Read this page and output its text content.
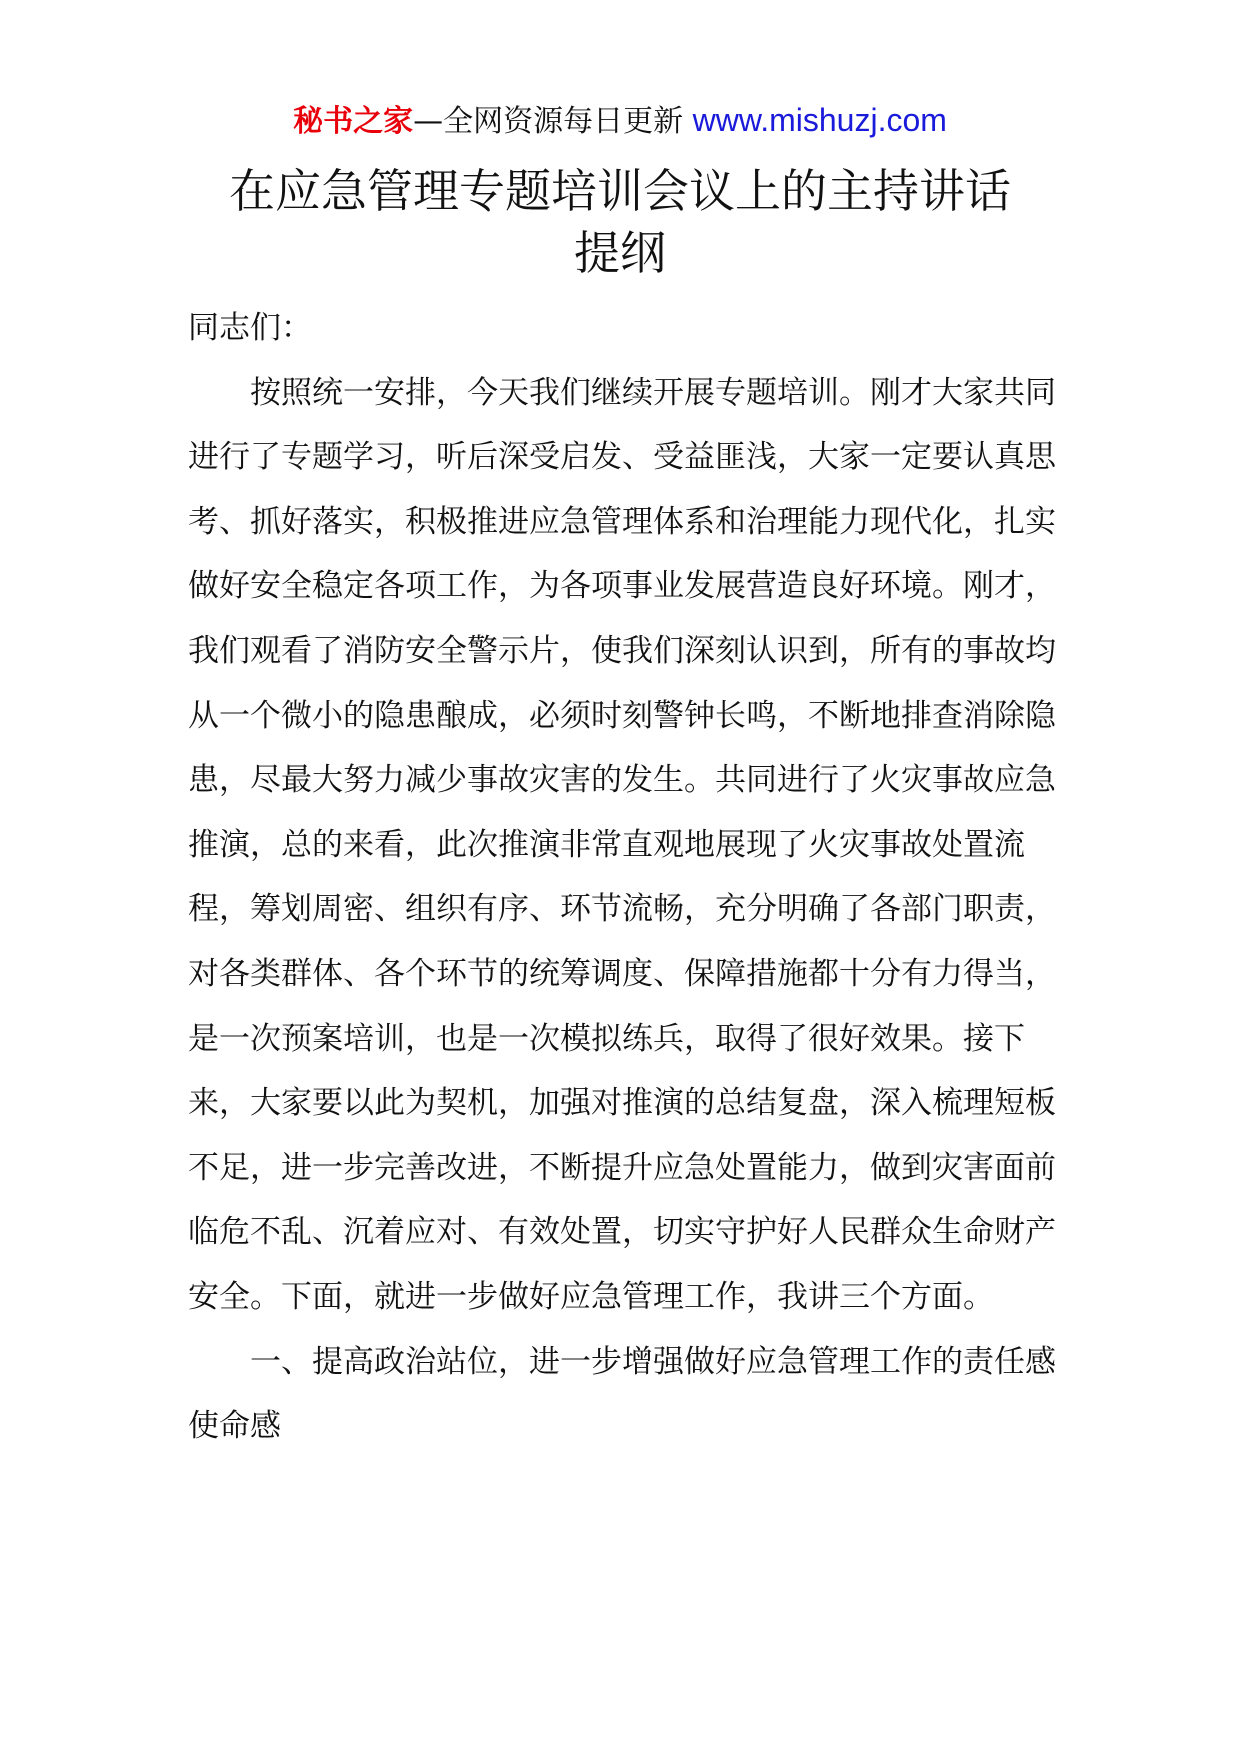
秘书之家—全网资源每日更新 www.mishuzj.com
在应急管理专题培训会议上的主持讲话
提纲

同志们：

按照统一安排，今天我们继续开展专题培训。刚才大家共同进行了专题学习，听后深受启发、受益匪浅，大家一定要认真思考、抓好落实，积极推进应急管理体系和治理能力现代化，扎实做好安全稳定各项工作，为各项事业发展营造良好环境。刚才，我们观看了消防安全警示片，使我们深刻认识到，所有的事故均从一个微小的隐患酿成，必须时刻警钟长鸣，不断地排查消除隐患，尽最大努力减少事故灾害的发生。共同进行了火灾事故应急推演，总的来看，此次推演非常直观地展现了火灾事故处置流程，筹划周密、组织有序、环节流畅，充分明确了各部门职责，对各类群体、各个环节的统筹调度、保障措施都十分有力得当，是一次预案培训，也是一次模拟练兵，取得了很好效果。接下来，大家要以此为契机，加强对推演的总结复盘，深入梳理短板不足，进一步完善改进，不断提升应急处置能力，做到灾害面前临危不乱、沉着应对、有效处置，切实守护好人民群众生命财产安全。下面，就进一步做好应急管理工作，我讲三个方面。

一、提高政治站位，进一步增强做好应急管理工作的责任感使命感
